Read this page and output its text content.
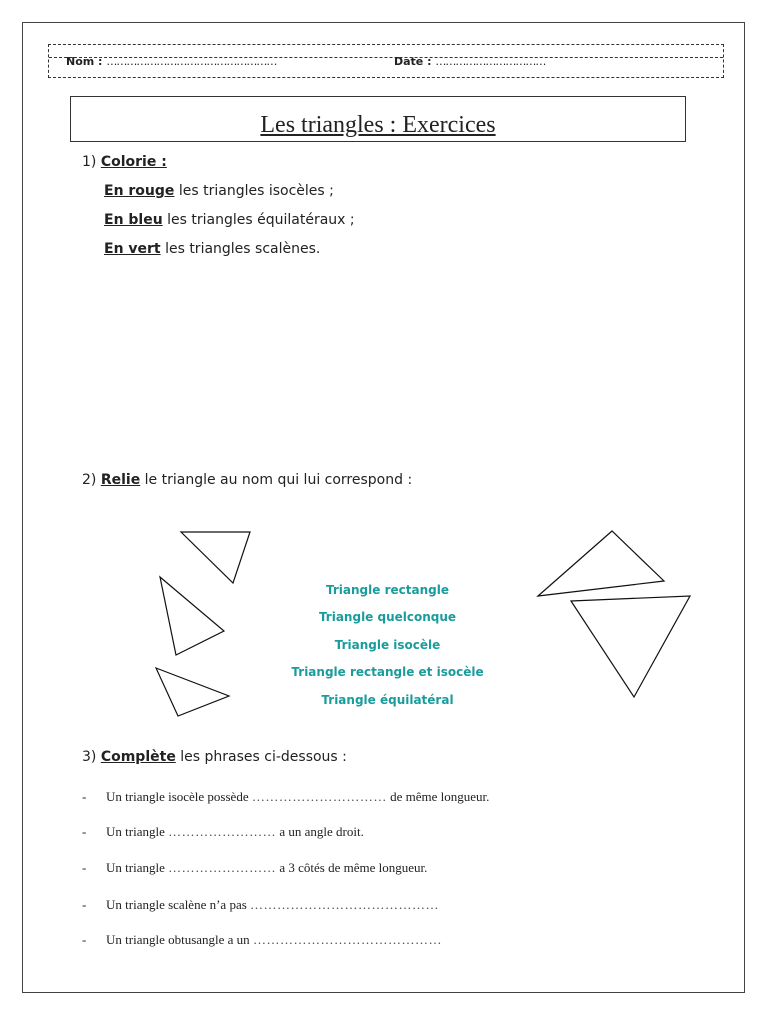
Nom : ……………………………………………	Date : ……………………………
Les triangles : Exercices
1) Colorie :
En rouge les triangles isocèles ;
En bleu les triangles équilatéraux ;
En vert les triangles scalènes.
2) Relie le triangle au nom qui lui correspond :
Triangle rectangle
Triangle quelconque
Triangle isocèle
Triangle rectangle et isocèle
Triangle équilatéral
3) Complète les phrases ci-dessous :
- Un triangle isocèle possède ………………………… de même longueur.
- Un triangle …………………… a un angle droit.
- Un triangle …………………… a 3 côtés de même longueur.
- Un triangle scalène n’a pas ……………………………………
- Un triangle obtusangle a un ……………………………………
